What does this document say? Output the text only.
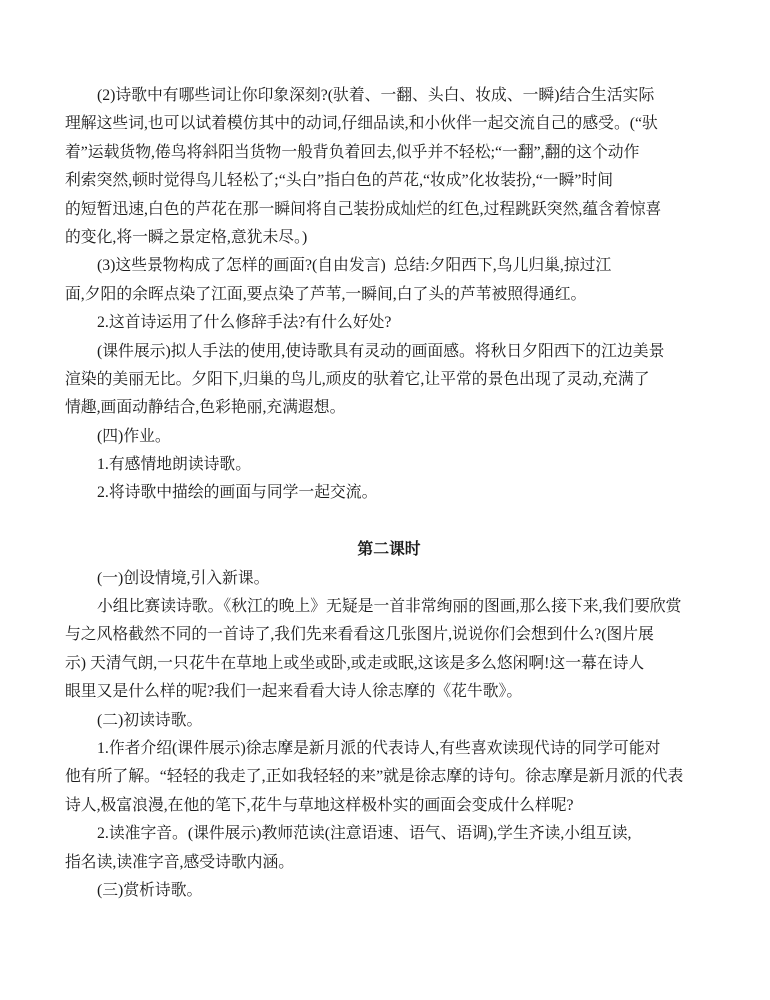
(2)诗歌中有哪些词让你印象深刻?(驮着、一翻、头白、妆成、一瞬)结合生活实际
理解这些词,也可以试着模仿其中的动词,仔细品读,和小伙伴一起交流自己的感受。(“驮
着”运载货物,倦鸟将斜阳当货物一般背负着回去,似乎并不轻松;“一翻”,翻的这个动作
利索突然,顿时觉得鸟儿轻松了;“头白”指白色的芦花,“妆成”化妆装扮,“一瞬”时间
的短暂迅速,白色的芦花在那一瞬间将自己装扮成灿烂的红色,过程跳跃突然,蕴含着惊喜
的变化,将一瞬之景定格,意犹未尽。)
(3)这些景物构成了怎样的画面?(自由发言)  总结:夕阳西下,鸟儿归巢,掠过江
面,夕阳的余晖点染了江面,要点染了芦苇,一瞬间,白了头的芦苇被照得通红。
2.这首诗运用了什么修辞手法?有什么好处?
(课件展示)拟人手法的使用,使诗歌具有灵动的画面感。将秋日夕阳西下的江边美景
渲染的美丽无比。夕阳下,归巢的鸟儿,顽皮的驮着它,让平常的景色出现了灵动,充满了
情趣,画面动静结合,色彩艳丽,充满遐想。
(四)作业。
1.有感情地朗读诗歌。
2.将诗歌中描绘的画面与同学一起交流。

第二课时
(一)创设情境,引入新课。
小组比赛读诗歌。《秋江的晚上》无疑是一首非常绚丽的图画,那么接下来,我们要欣赏
与之风格截然不同的一首诗了,我们先来看看这几张图片,说说你们会想到什么?(图片展
示) 天清气朗,一只花牛在草地上或坐或卧,或走或眠,这该是多么悠闲啊!这一幕在诗人
眼里又是什么样的呢?我们一起来看看大诗人徐志摩的《花牛歌》。
(二)初读诗歌。
1.作者介绍(课件展示)徐志摩是新月派的代表诗人,有些喜欢读现代诗的同学可能对
他有所了解。“轻轻的我走了,正如我轻轻的来”就是徐志摩的诗句。徐志摩是新月派的代表
诗人,极富浪漫,在他的笔下,花牛与草地这样极朴实的画面会变成什么样呢?
2.读准字音。(课件展示)教师范读(注意语速、语气、语调),学生齐读,小组互读,
指名读,读准字音,感受诗歌内涵。
(三)赏析诗歌。
